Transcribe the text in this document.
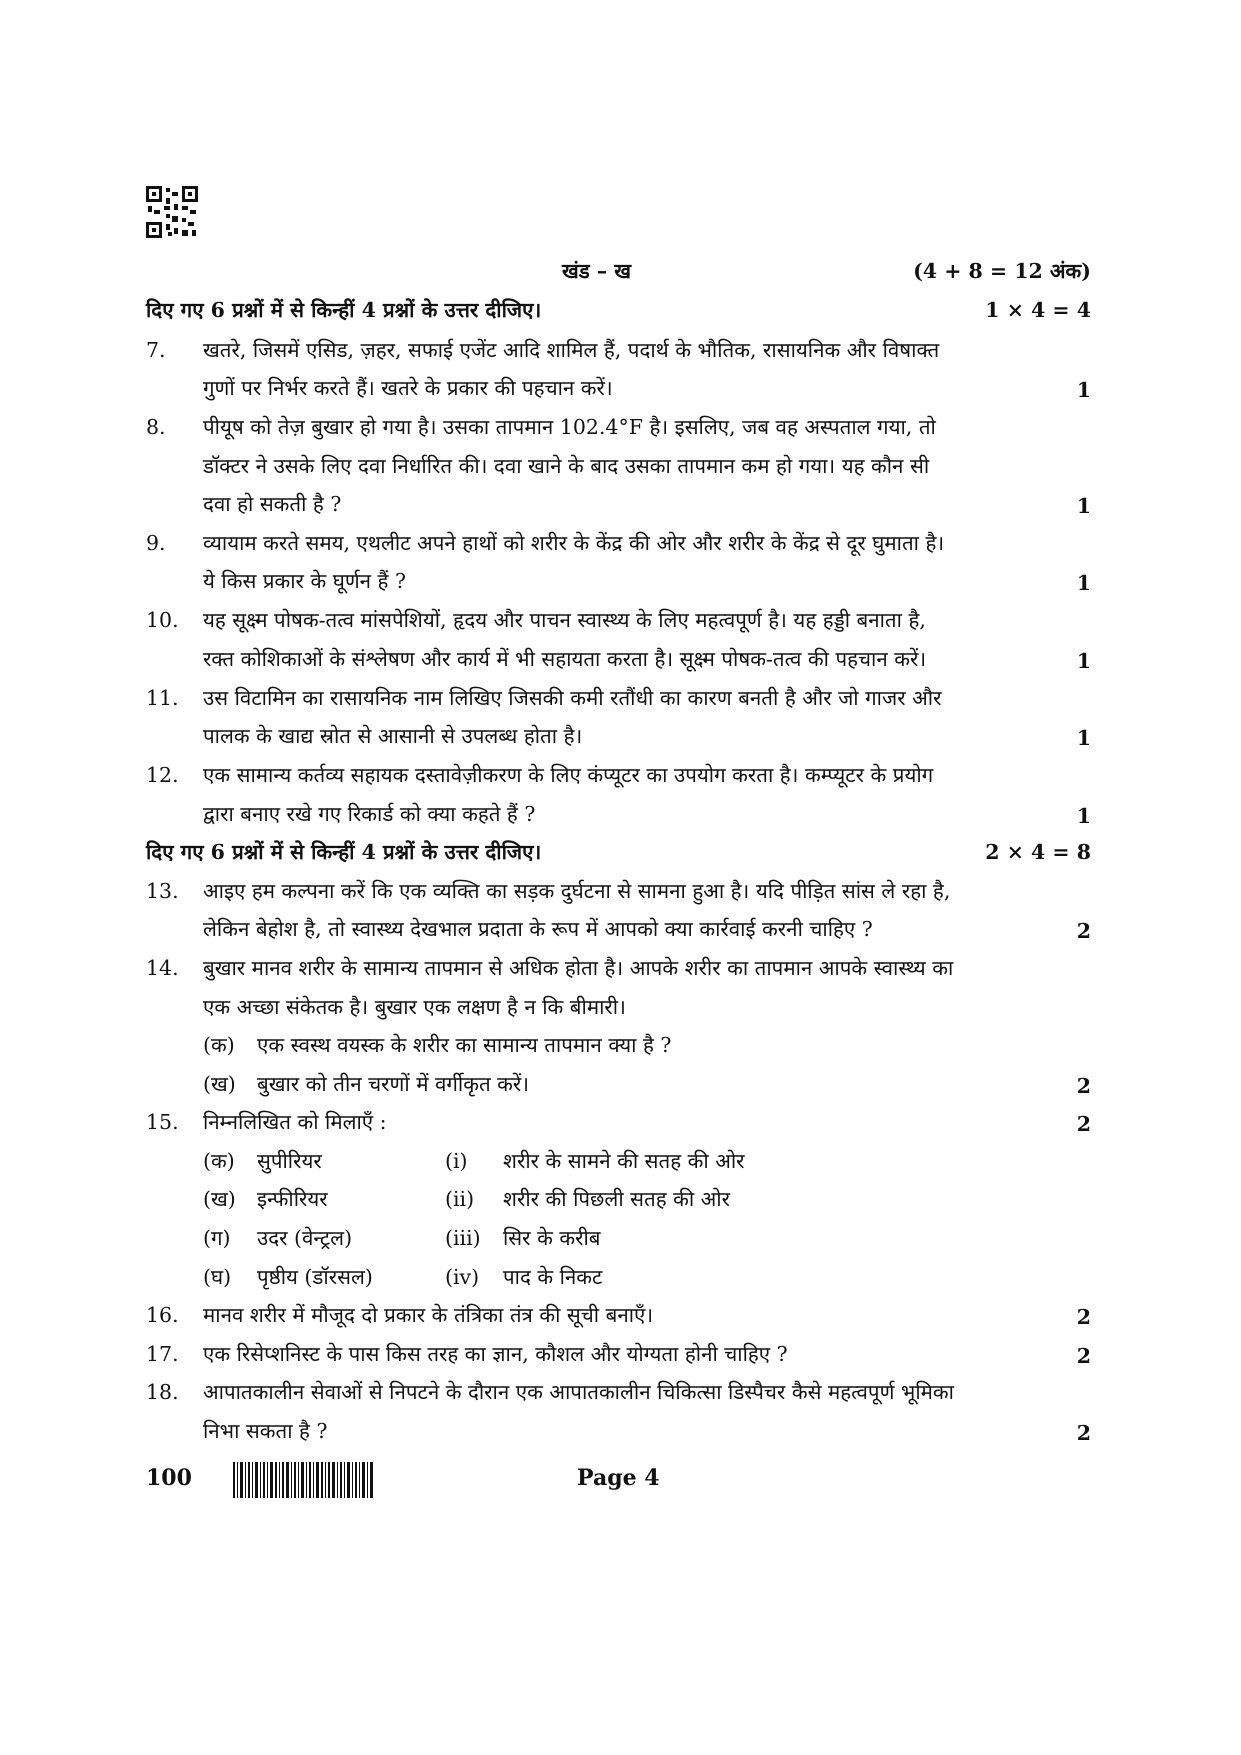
खंड – ख	(4 + 8 = 12 अंक)
दिए गए 6 प्रश्नों में से किन्हीं 4 प्रश्नों के उत्तर दीजिए।	1 × 4 = 4
7. खतरे, जिसमें एसिड, ज़हर, सफाई एजेंट आदि शामिल हैं, पदार्थ के भौतिक, रासायनिक और विषाक्त
गुणों पर निर्भर करते हैं। खतरे के प्रकार की पहचान करें।	1
8. पीयूष को तेज़ बुखार हो गया है। उसका तापमान 102.4°F है। इसलिए, जब वह अस्पताल गया, तो
डॉक्टर ने उसके लिए दवा निर्धारित की। दवा खाने के बाद उसका तापमान कम हो गया। यह कौन सी
दवा हो सकती है ?	1
9. व्यायाम करते समय, एथलीट अपने हाथों को शरीर के केंद्र की ओर और शरीर के केंद्र से दूर घुमाता है।
ये किस प्रकार के घूर्णन हैं ?	1
10. यह सूक्ष्म पोषक-तत्व मांसपेशियों, हृदय और पाचन स्वास्थ्य के लिए महत्वपूर्ण है। यह हड्डी बनाता है,
रक्त कोशिकाओं के संश्लेषण और कार्य में भी सहायता करता है। सूक्ष्म पोषक-तत्व की पहचान करें।	1
11. उस विटामिन का रासायनिक नाम लिखिए जिसकी कमी रतौंधी का कारण बनती है और जो गाजर और
पालक के खाद्य स्रोत से आसानी से उपलब्ध होता है।	1
12. एक सामान्य कर्तव्य सहायक दस्तावेज़ीकरण के लिए कंप्यूटर का उपयोग करता है। कम्प्यूटर के प्रयोग
द्वारा बनाए रखे गए रिकार्ड को क्या कहते हैं ?	1
दिए गए 6 प्रश्नों में से किन्हीं 4 प्रश्नों के उत्तर दीजिए।	2 × 4 = 8
13. आइए हम कल्पना करें कि एक व्यक्ति का सड़क दुर्घटना से सामना हुआ है। यदि पीड़ित सांस ले रहा है,
लेकिन बेहोश है, तो स्वास्थ्य देखभाल प्रदाता के रूप में आपको क्या कार्रवाई करनी चाहिए ?	2
14. बुखार मानव शरीर के सामान्य तापमान से अधिक होता है। आपके शरीर का तापमान आपके स्वास्थ्य का
एक अच्छा संकेतक है। बुखार एक लक्षण है न कि बीमारी।
(क) एक स्वस्थ वयस्क के शरीर का सामान्य तापमान क्या है ?
(ख) बुखार को तीन चरणों में वर्गीकृत करें।	2
15. निम्नलिखित को मिलाएँ :	2
(क) सुपीरियर	(i) शरीर के सामने की सतह की ओर
(ख) इन्फीरियर	(ii) शरीर की पिछली सतह की ओर
(ग) उदर (वेन्ट्रल)	(iii) सिर के करीब
(घ) पृष्ठीय (डॉरसल)	(iv) पाद के निकट
16. मानव शरीर में मौजूद दो प्रकार के तंत्रिका तंत्र की सूची बनाएँ।	2
17. एक रिसेप्शनिस्ट के पास किस तरह का ज्ञान, कौशल और योग्यता होनी चाहिए ?	2
18. आपातकालीन सेवाओं से निपटने के दौरान एक आपातकालीन चिकित्सा डिस्पैचर कैसे महत्वपूर्ण भूमिका
निभा सकता है ?	2
100	Page 4
